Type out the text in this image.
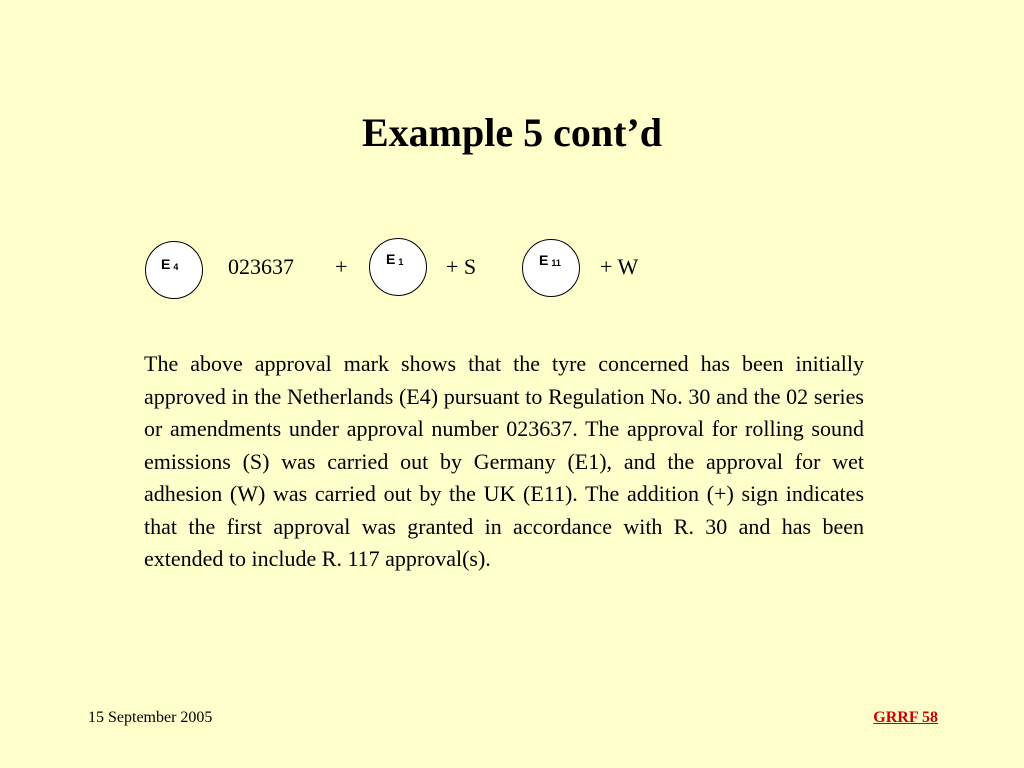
Example 5 cont’d
E 4 023637 +	E 1 + S	E 11 + W
The above approval mark shows that the tyre concerned has been initially approved in the Netherlands (E4) pursuant to Regulation No. 30 and the 02 series or amendments under approval number 023637. The approval for rolling sound emissions (S) was carried out by Germany (E1), and the approval for wet adhesion (W) was carried out by the UK (E11). The addition (+) sign indicates that the first approval was granted in accordance with R. 30 and has been extended to include R. 117 approval(s).
15 September 2005	GRRF 58
